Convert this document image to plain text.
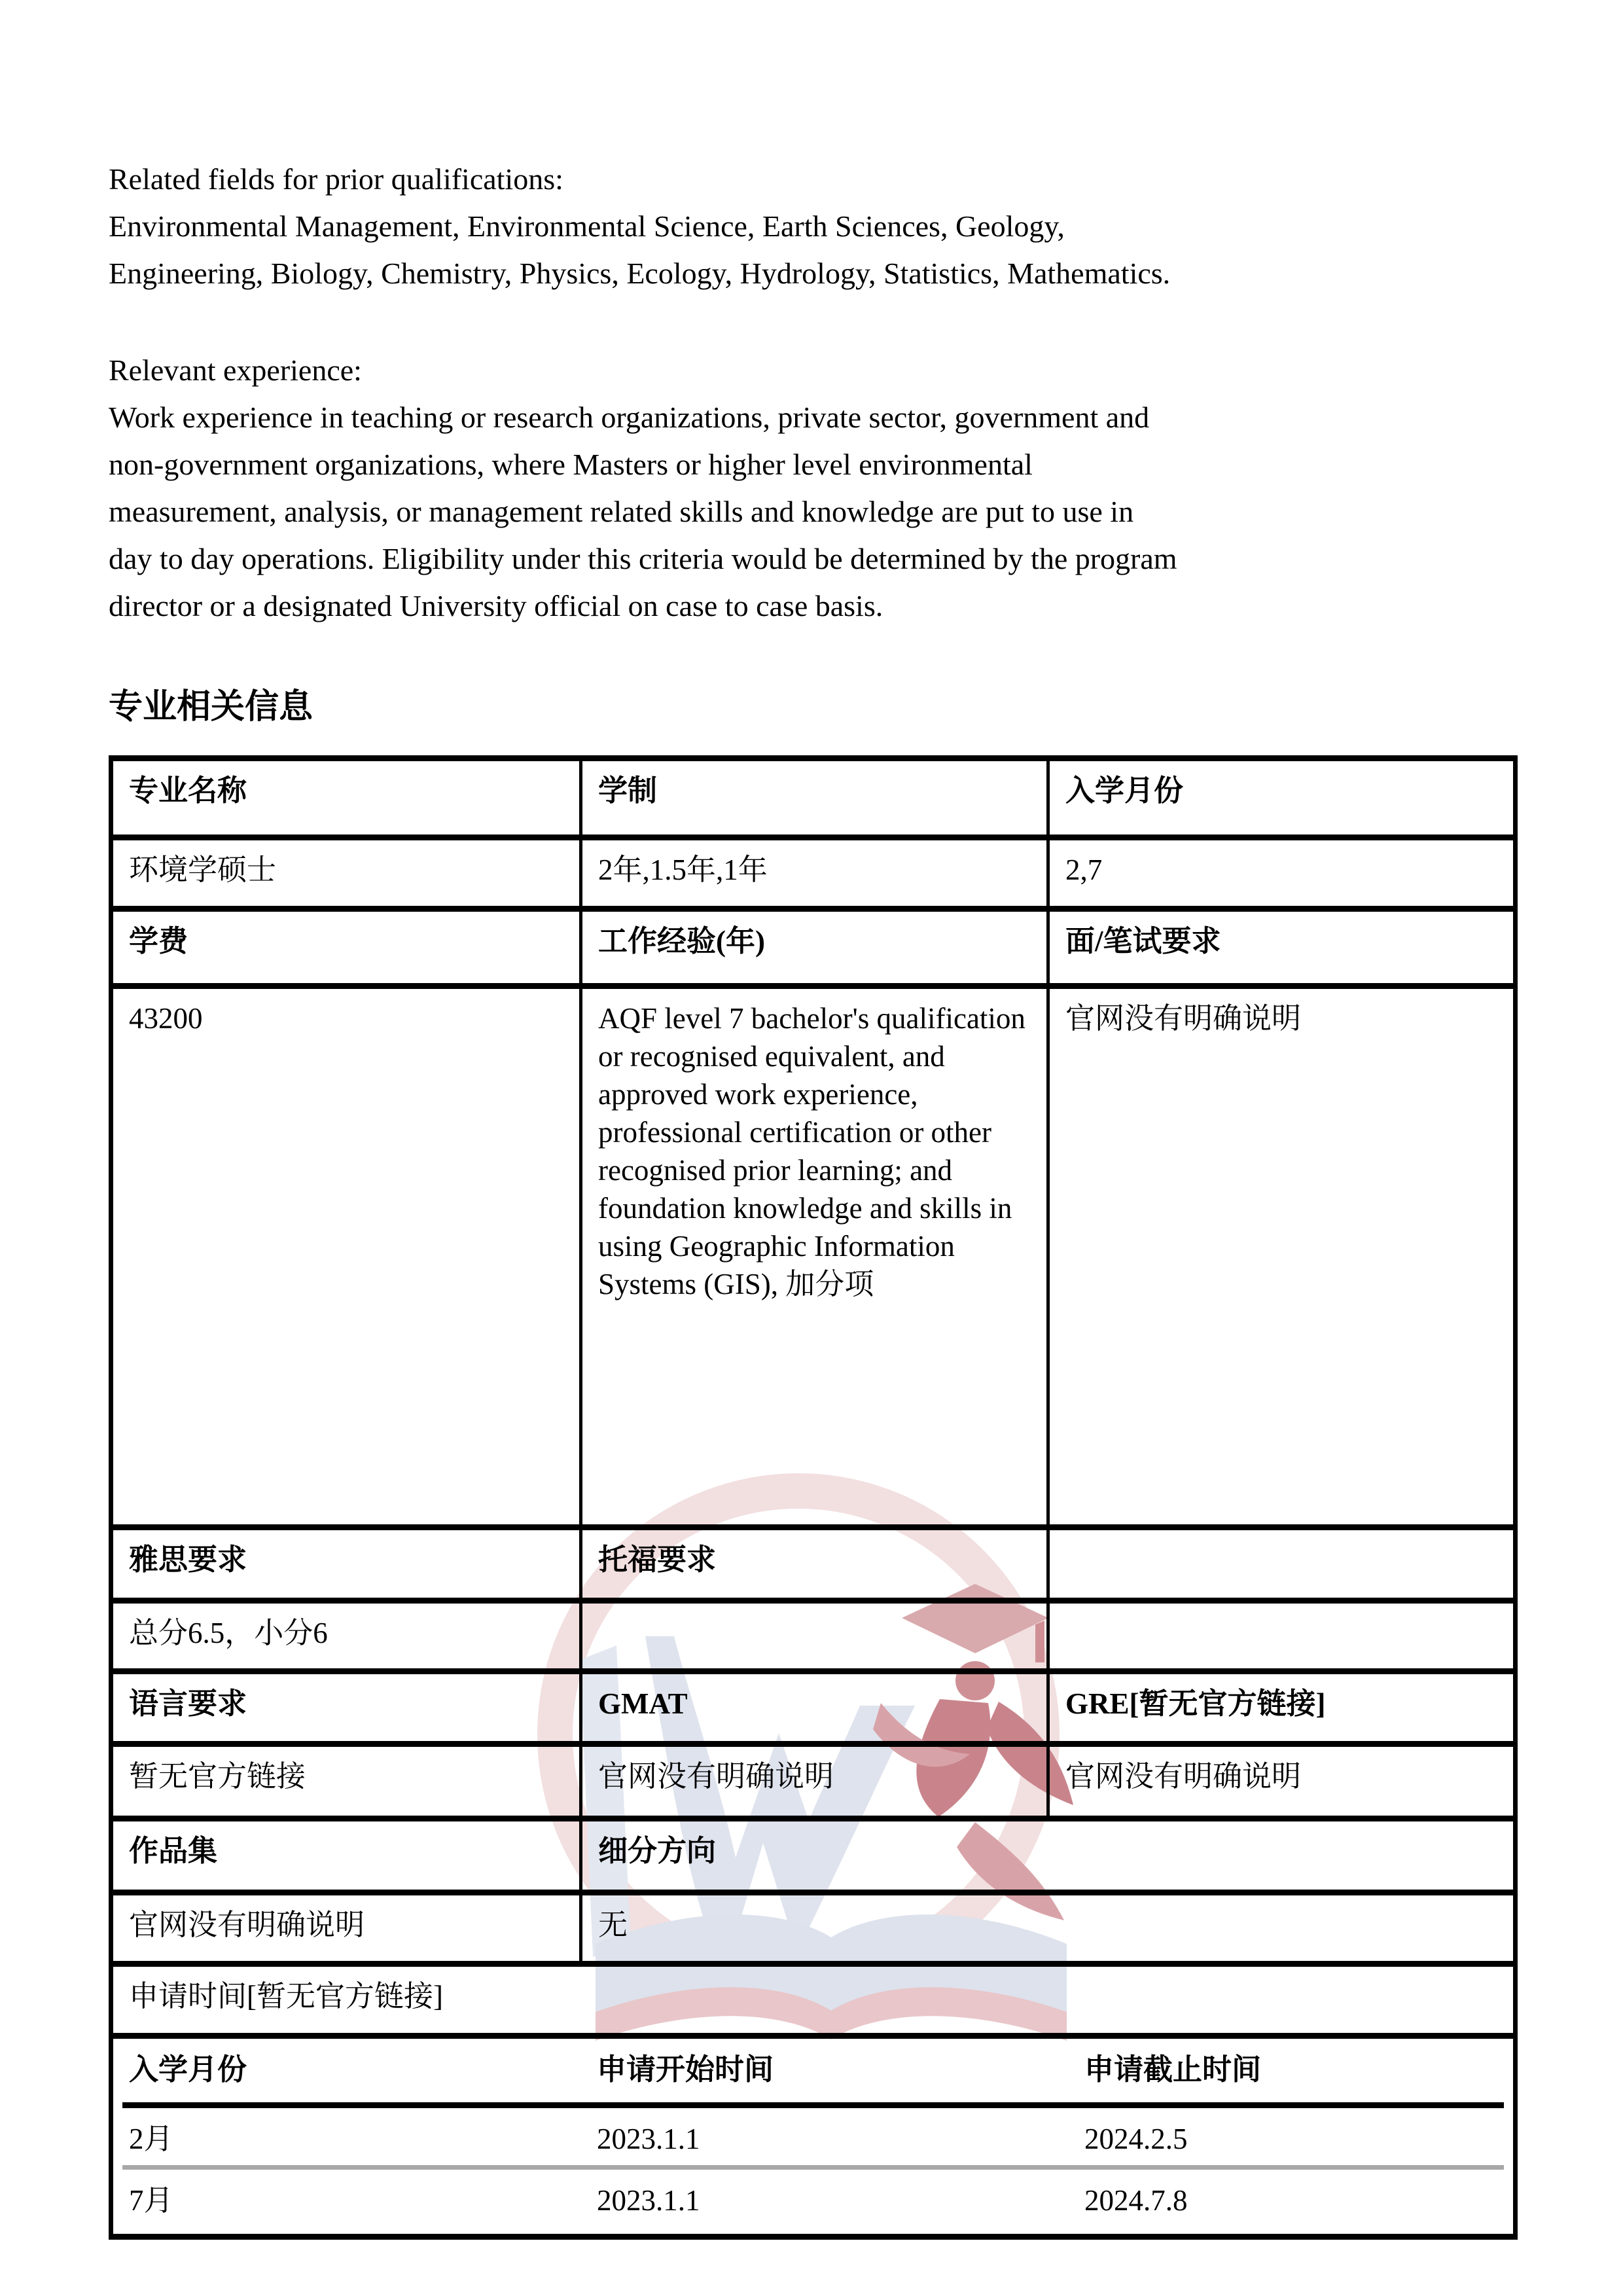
Related fields for prior qualifications:
Environmental Management, Environmental Science, Earth Sciences, Geology,
Engineering, Biology, Chemistry, Physics, Ecology, Hydrology, Statistics, Mathematics.
Relevant experience:
Work experience in teaching or research organizations, private sector, government and
non-government organizations, where Masters or higher level environmental
measurement, analysis, or management related skills and knowledge are put to use in
day to day operations. Eligibility under this criteria would be determined by the program
director or a designated University official on case to case basis.
专业相关信息
专业名称	学制	入学月份
环境学硕士	2年,1.5年,1年	2,7
学费	工作经验(年)	面/笔试要求
43200	AQF level 7 bachelor's qualification or recognised equivalent, and approved work experience, professional certification or other recognised prior learning; and foundation knowledge and skills in using Geographic Information Systems (GIS), 加分项	官网没有明确说明
雅思要求	托福要求	
总分6.5，小分6		
语言要求	GMAT	GRE[暂无官方链接]
暂无官方链接	官网没有明确说明	官网没有明确说明
作品集	细分方向	
官网没有明确说明	无	
申请时间[暂无官方链接]		

入学月份	申请开始时间	申请截止时间
2月	2023.1.1	2024.2.5
7月	2023.1.1	2024.7.8
